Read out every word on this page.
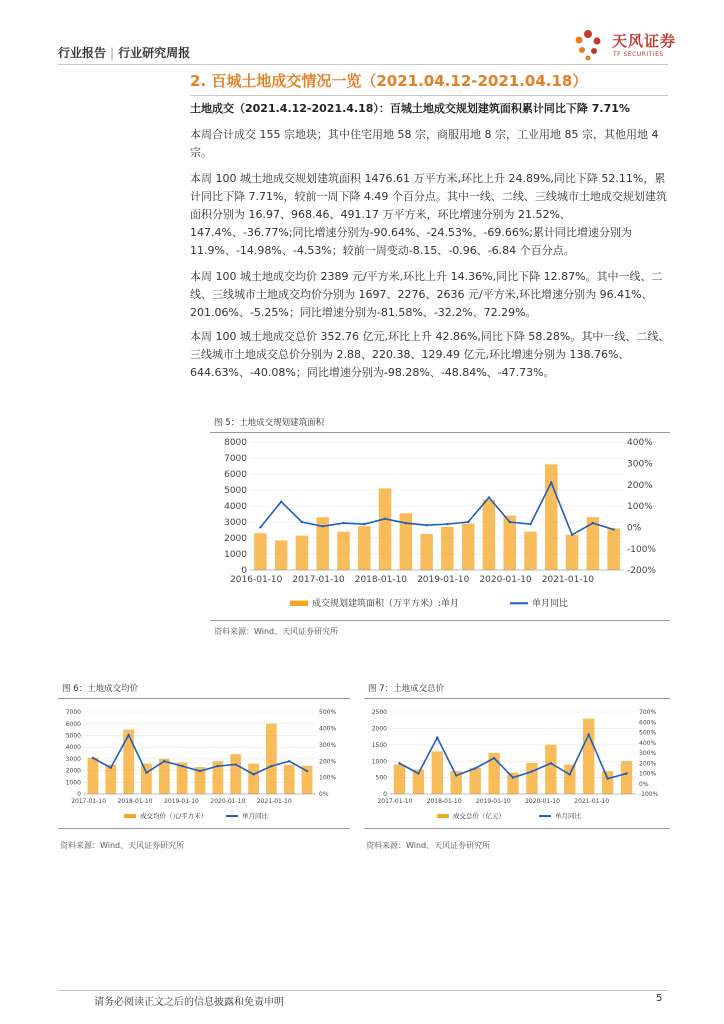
行业报告 | 行业研究周报
天风证券
TF SECURITIES
2. 百城土地成交情况一览（2021.04.12-2021.04.18）

土地成交（2021.4.12-2021.4.18）：百城土地成交规划建筑面积累计同比下降 7.71%

本周合计成交 155 宗地块；其中住宅用地 58 宗，商服用地 8 宗，工业用地 85 宗，其他用地 4 宗。

本周 100 城土地成交规划建筑面积 1476.61 万平方米,环比上升 24.89%,同比下降 52.11%，累计同比下降 7.71%，较前一周下降 4.49 个百分点。其中一线、二线、三线城市土地成交规划建筑面积分别为 16.97、968.46、491.17 万平方米，环比增速分别为 21.52%、147.4%、-36.77%;同比增速分别为-90.64%、-24.53%、-69.66%;累计同比增速分别为 11.9%、-14.98%、-4.53%；较前一周变动-8.15、-0.96、-6.84 个百分点。

本周 100 城土地成交均价 2389 元/平方米,环比上升 14.36%,同比下降 12.87%。其中一线、二线、三线城市土地成交均价分别为 1697、2276、2636 元/平方米,环比增速分别为 96.41%、201.06%、-5.25%；同比增速分别为-81.58%、-32.2%、72.29%。

本周 100 城土地成交总价 352.76 亿元,环比上升 42.86%,同比下降 58.28%。其中一线、二线、三线城市土地成交总价分别为 2.88、220.38、129.49 亿元,环比增速分别为 138.76%、644.63%、-40.08%；同比增速分别为-98.28%、-48.84%、-47.73%。

图 5：土地成交规划建筑面积
0
1000
2000
3000
4000
5000
6000
7000
8000
-200%
-100%
0%
100%
200%
300%
400%
2016-01-10 2017-01-10 2018-01-10 2019-01-10 2020-01-10 2021-01-10
成交规划建筑面积（万平方米）:单月	单月同比
资料来源：Wind、天风证券研究所
图 6：土地成交均价
0
1000
2000
3000
4000
5000
6000
7000
0%
100%
200%
300%
400%
500%
2017-01-10 2018-01-10 2019-01-10 2020-01-10 2021-01-10
成交均价（元/平方米）	单月同比
资料来源：Wind、天风证券研究所
图 7：土地成交总价
0
500
1000
1500
2000
2500
-100%
0%
100%
200%
300%
400%
500%
600%
700%
2017-01-10 2018-01-10 2019-01-10 2020-01-10 2021-01-10
成交总价（亿元）	单月同比
资料来源：Wind、天风证券研究所
请务必阅读正文之后的信息披露和免责申明	5
